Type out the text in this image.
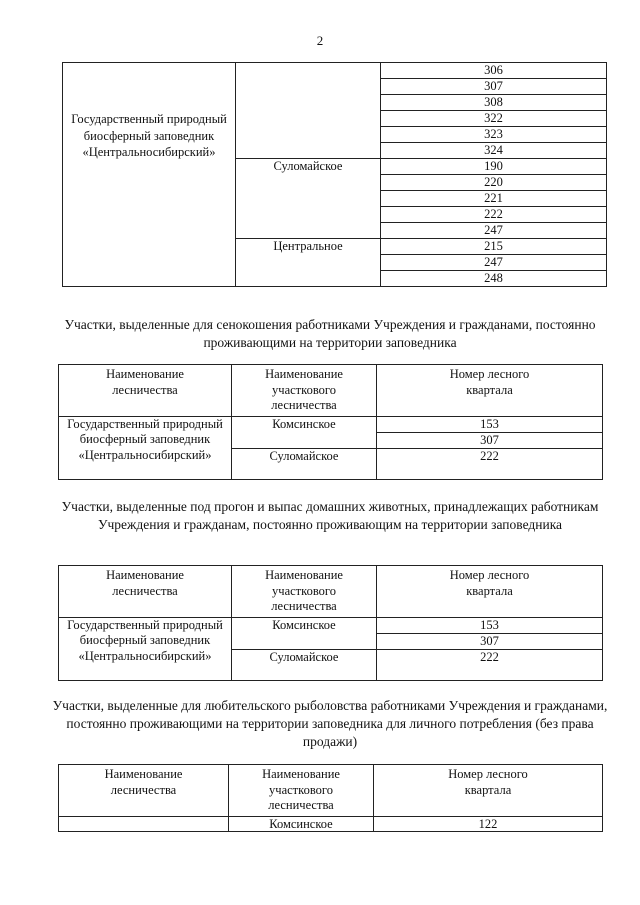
2
Государственный природный биосферный заповедник «Центральносибирский»		306
		307
		308
		322
		323
		324
	Суломайское	190
		220
		221
		222
		247
	Центральное	215
		247
		248
Участки, выделенные для сенокошения работниками Учреждения и гражданами, постоянно проживающими на территории заповедника
Наименование лесничества	Наименование участкового лесничества	Номер лесного квартала
Государственный природный биосферный заповедник «Центральносибирский»	Комсинское	153
		307
	Суломайское	222
Участки, выделенные под прогон и выпас домашних животных, принадлежащих работникам Учреждения и гражданам, постоянно проживающим на территории заповедника
Наименование лесничества	Наименование участкового лесничества	Номер лесного квартала
Государственный природный биосферный заповедник «Центральносибирский»	Комсинское	153
		307
	Суломайское	222
Участки, выделенные для любительского рыболовства работниками Учреждения и гражданами, постоянно проживающими на территории заповедника для личного потребления (без права продажи)
Наименование лесничества	Наименование участкового лесничества	Номер лесного квартала
	Комсинское	122
